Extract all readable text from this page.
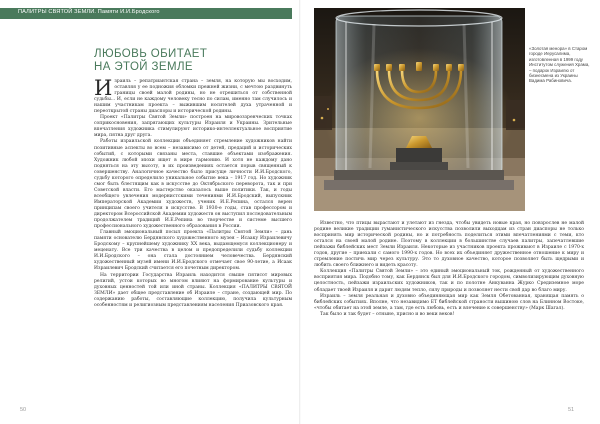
ПАЛИТРЫ СВЯТОЙ ЗЕМЛИ. Памяти И.И.Бродского
ЛЮБОВЬ ОБИТАЕТ
НА ЭТОЙ ЗЕМЛЕ

Израиль – репатриантская страна – земля, на которую мы восходим, оставляя у ее подножия обломки прежней жизни, с мечтою раздвинуть границы своей малой родины, но не отрешиться от собственной судьбы... И, если не каждому человеку тесно по силам, именно там случилось и нашим участникам проекта – выжившим носителей духа утраченной и переоткрытой страны диаспоры и исторической родины.

Проект «Палитры Святой Земли» построен на мировоззренческих точках соприкосновения, запрягающих культуры Израиля и Украины. Зрительные впечатления художника стимулируют историко-интеллектуальное восприятие мира, пятна друг друга.

Работы израильской коллекции объединяет стремление художников найти позитивные аспекты во всем – независимо от детей, предаций и исторических событий, с которыми связаны места, ставшие объектами изображения. Художник любой эпохи ищет в мире гармонию. И хотя не каждому дано подняться на эту высоту, в их произведениях остается порыв священный к совершенству. Аналогичное качество было присуще личности И.И.Бродского, судьбу которого определило уникальное событие века – 1917 год. Но художник смог быть блестящим как в искусстве до Октябрьского переворота, так и при Советской власти. Его мастерство оказалось выше политики. Так, и годы всеобщего увлечения модернистскими течениями И.И.Бродский, выпускник Императорской Академии художеств, ученик И.Е.Репина, остался верен принципам своего учителя в искусстве. В 1930-е годы, став профессором и директором Всероссийской Академии художеств он выступил последовательным продолжателем традиций И.Е.Репина во творчестве и системе высшего профессионального художественного образования в России.

Главный эмоциональный посыл проекта «Палитры Святой Земли» – дань памяти основателю Бердянского художественного музея – Исааку Израилевичу Бродскому – крупнейшему художнику XX века, выдающемуся коллекционеру и меценату. Все три качества в целом и предопределили судьбу коллекции И.И.Бродского – она стала достоянием человечества. Бердянский художественный музей имени И.И.Бродского отмечает свое 90-летие, а Исаак Израилевич Бродский считается его почетным директором.

На территории Государства Израиль находится свыше пятисот мировых религий, устои которых во многом влияют на формирование культуры и духовных ценностей той или иной страны. Коллекция «ПАЛИТРЫ СВЯТОЙ ЗЕМЛИ» дает общее представление об Израиле – стране, создающей мир. По содержанию работы, составляющие коллекцию, получила культурным особенностям и религиозным представлениям населения Приазовского края.

«Золотая менора» в Старом городе Иерусалима, изготовленная в 1999 году Институтом служения Храма, – подарок Израилю от бизнесмена из Украины Вадима Рабиновича.

Известно, что птицы вырастают и улетают из гнезда, чтобы увидеть новые края, но повзрослев не малой родине великие традиции гуманистического искусства позволили выходцам из стран диаспоры не только воспринять мир исторической родины, но и потребность поделиться этими впечатлениями с теми, кто остался на своей малой родине. Поэтому в коллекции в большинстве случаев палитры, запечатлевшие пейзажи библейских мест Земли Израиля. Некоторые из участников проекта проживают в Израиле с 1970-х годов, другие – приехали с самого 1990-х годов. Но всех их объединяет дружественное отношение к миру и стремление постичь мир через культуру. Это то духовное качество, которое позволяет быть щедрыми и любить своего ближнего и видеть красоту.

Коллекция «Палитры Святой Земли» – это единый эмоциональный ток, рожденный от художественного восприятия мира. Подобно тому, как Бердянск был для И.И.Бродского городом, символизирующим духовную целостность, пейзажи израильских художников, так и по полотне Анкуванна Журко Средиземное море обладает твоей Израиля и дарит людям тепло, силу природы и позволяет нести свой дар во благо миру.

Израиль – земля реальная и духовно объединяющая мир как Земля Обетованная, хранящая память о библейских событиях. Вполне, что незавидимо ЕТ библейской страности вышиною слов на Блинном Востоке, «чтобы обитает на этой земле, а там, где есть любовь, есть и влечение к совершенству» (Марк Шагал).

Так было и так будет – отныне, присно и во веки веков!

50	51
